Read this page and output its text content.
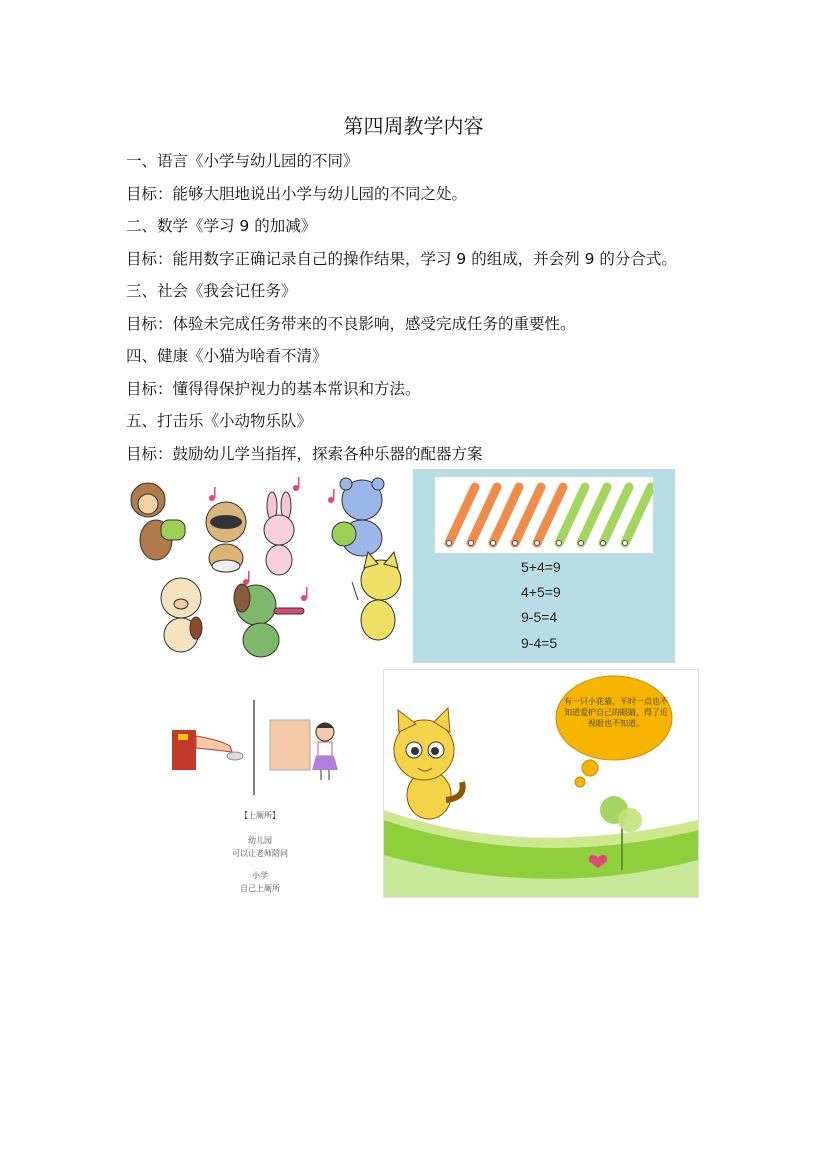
第四周教学内容
一、语言《小学与幼儿园的不同》
目标：能够大胆地说出小学与幼儿园的不同之处。
二、数学《学习 9 的加减》
目标：能用数字正确记录自己的操作结果，学习 9 的组成，并会列 9 的分合式。
三、社会《我会记任务》
目标：体验未完成任务带来的不良影响，感受完成任务的重要性。
四、健康《小猫为啥看不清》
目标：懂得得保护视力的基本常识和方法。
五、打击乐《小动物乐队》
目标：鼓励幼儿学当指挥，探索各种乐器的配器方案
5+4=9
4+5=9
9-5=4
9-4=5
【上厕所】
幼儿园
可以让老师陪同
小学
自己上厕所
有一只小花猫，平时一点也不知道爱护自己的眼睛，得了近视眼也不知道。
